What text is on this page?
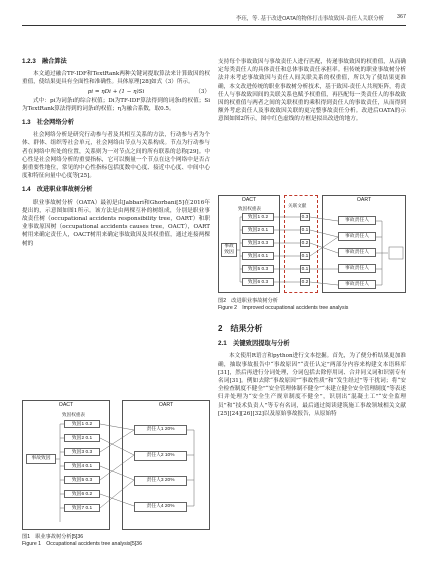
李珏，等. 基于改进OATA的物体打击事故致因-责任人关联分析 367
1.2.3　融合算法

本文通过融合TF-IDF和TextRank两种关键词提取算法来计算致因的权重值，使结果更具有全面性和准确性。具体原理[28]如式（3）所示。

pi = ηDi + (1 − η)Si	（3）

式中：pi为词条i的综合权值；Di为TF-IDF算法得到的词条i的权值；Si为TextRank算法得到的词条i的权值；η为融合系数，取0.5。

1.3　社会网络分析

社会网络分析是研究行动参与者及其相互关系的方法，行动参与者为个体、群体、组织等社会单元，社会网络由节点与关系构成。节点为行动参与者在网络中所处的位置，关系则为一对节点之间的所有联系的总称[29]。中心性是社会网络分析的重要指标，它可以衡量一个节点在这个网络中是否占据重要性地位，常见的中心性指标包括度数中心度、接近中心度、中间中心度和特征向量中心度等[25]。

1.4　改进职业事故树分析

职业事故树分析（OATA）最初是由Jabbari和Ghorbani[5]在2016年提出的，示意图如图1所示。该方法是由两棵互补的树组成，分别是职业事故责任树（occupational accidents responsibility tree，OART）和职业事故原因树（occupational accidents causes tree，OACT），OART树用来确定责任人，OACT树用来确定事故致因及其权重值，通过连接两棵树的

OACT	OART
致因权重表
事故致因
致因1 0.2
致因2 0.1
致因3 0.3
致因4 0.1
致因5 0.3
致因6 0.2
致因7 0.1
责任人1 20%
责任人2 10%
责任人3 20%
责任人4 20%
图1　职业事故树分析[5]36
Figure 1　Occupational accidents tree analysis[5]36

支持每个事故致因与事故责任人进行匹配，传递事故致因的权重值，从而确定每类责任人的具体责任和总体事故责任承担率。但传统的职业事故树分析法并未考虑事故致因与责任人间关联关系的权重值，所以为了使结果更准确，本文改进传统的职业事故树分析技术，基于致因-责任人共现矩阵，将责任人与事故致因间的关联关系也赋予权重值，再匹配每一类责任人的事故致因的权重值与两者之间的关联权重的乘积得到责任人的事故责任，从而得到额外考虑责任人及事故致因关联的更完整事故责任分析。改进后OATA的示意图如图2所示，图中红色虚线的方框是拟出改进的地方。

OACT
关联文献
OART
致因权重表
事故致因
致因1 0.2
致因2 0.1
致因3 0.3
致因4 0.1
致因5 0.3
致因6 0.3
0.3
0.1
0.2
0.1
0.1
0.2
事故责任人
事故责任人
事故责任人
事故责任人
事故责任人
图2　改进职业事故树分析
Figure 2　Improved occupational accidents tree analysis
2　结果分析
2.1　关键致因提取与分析

本文使用R语言和python进行文本挖掘。首先，为了便分析结果更加准确，抽取事故报告中“事故原因”“责任认定”两部分内容来构建文本语料库[31]，然后再进行分词处理，分词包括去除停用词、合并同义词和识别专有名词[31]。例如去除“事故原因”“事故性质”和“发生经过”等干扰词；将“安全检查制度不健全”“安全管理体制不健全”“未建立健全安全管理制度”等表述归并处理为“安全生产规章制度不健全”，识别出“混凝土工”“安全监理员”和“技术负责人”等专有名词，最后通过阅读建筑施工事故领域相关文献[25][24][26][32]以及原始事故报告，从原始特
